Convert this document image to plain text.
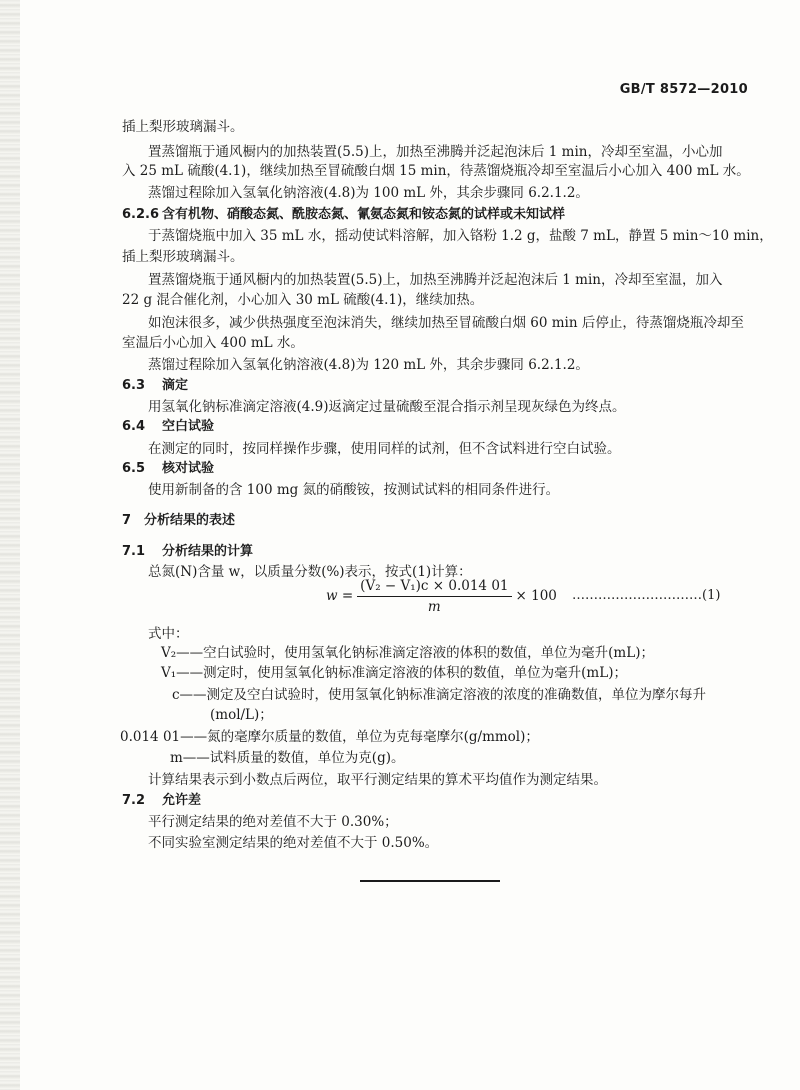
GB/T 8572—2010
插上梨形玻璃漏斗。
置蒸馏瓶于通风橱内的加热装置(5.5)上，加热至沸腾并泛起泡沫后 1 min，冷却至室温，小心加
入 25 mL 硫酸(4.1)，继续加热至冒硫酸白烟 15 min，待蒸馏烧瓶冷却至室温后小心加入 400 mL 水。
蒸馏过程除加入氢氧化钠溶液(4.8)为 100 mL 外，其余步骤同 6.2.1.2。
6.2.6 含有机物、硝酸态氮、酰胺态氮、氰氨态氮和铵态氮的试样或未知试样
于蒸馏烧瓶中加入 35 mL 水，摇动使试料溶解，加入铬粉 1.2 g，盐酸 7 mL，静置 5 min～10 min，
插上梨形玻璃漏斗。
置蒸馏烧瓶于通风橱内的加热装置(5.5)上，加热至沸腾并泛起泡沫后 1 min，冷却至室温，加入
22 g 混合催化剂，小心加入 30 mL 硫酸(4.1)，继续加热。
如泡沫很多，减少供热强度至泡沫消失，继续加热至冒硫酸白烟 60 min 后停止，待蒸馏烧瓶冷却至
室温后小心加入 400 mL 水。
蒸馏过程除加入氢氧化钠溶液(4.8)为 120 mL 外，其余步骤同 6.2.1.2。
6.3 滴定
用氢氧化钠标准滴定溶液(4.9)返滴定过量硫酸至混合指示剂呈现灰绿色为终点。
6.4 空白试验
在测定的同时，按同样操作步骤，使用同样的试剂，但不含试料进行空白试验。
6.5 核对试验
使用新制备的含 100 mg 氮的硝酸铵，按测试试料的相同条件进行。
7 分析结果的表述
7.1 分析结果的计算
总氮(N)含量 w，以质量分数(%)表示，按式(1)计算：
$w = \frac{\text{(V₂ − V₁)c × 0.014 01}}{m} \times 100$ …………………………(1)
式中：
V₂——空白试验时，使用氢氧化钠标准滴定溶液的体积的数值，单位为毫升(mL)；
V₁——测定时，使用氢氧化钠标准滴定溶液的体积的数值，单位为毫升(mL)；
c——测定及空白试验时，使用氢氧化钠标准滴定溶液的浓度的准确数值，单位为摩尔每升
(mol/L)；
0.014 01——氮的毫摩尔质量的数值，单位为克每毫摩尔(g/mmol)；
m——试料质量的数值，单位为克(g)。
计算结果表示到小数点后两位，取平行测定结果的算术平均值作为测定结果。
7.2 允许差
平行测定结果的绝对差值不大于 0.30%；
不同实验室测定结果的绝对差值不大于 0.50%。
